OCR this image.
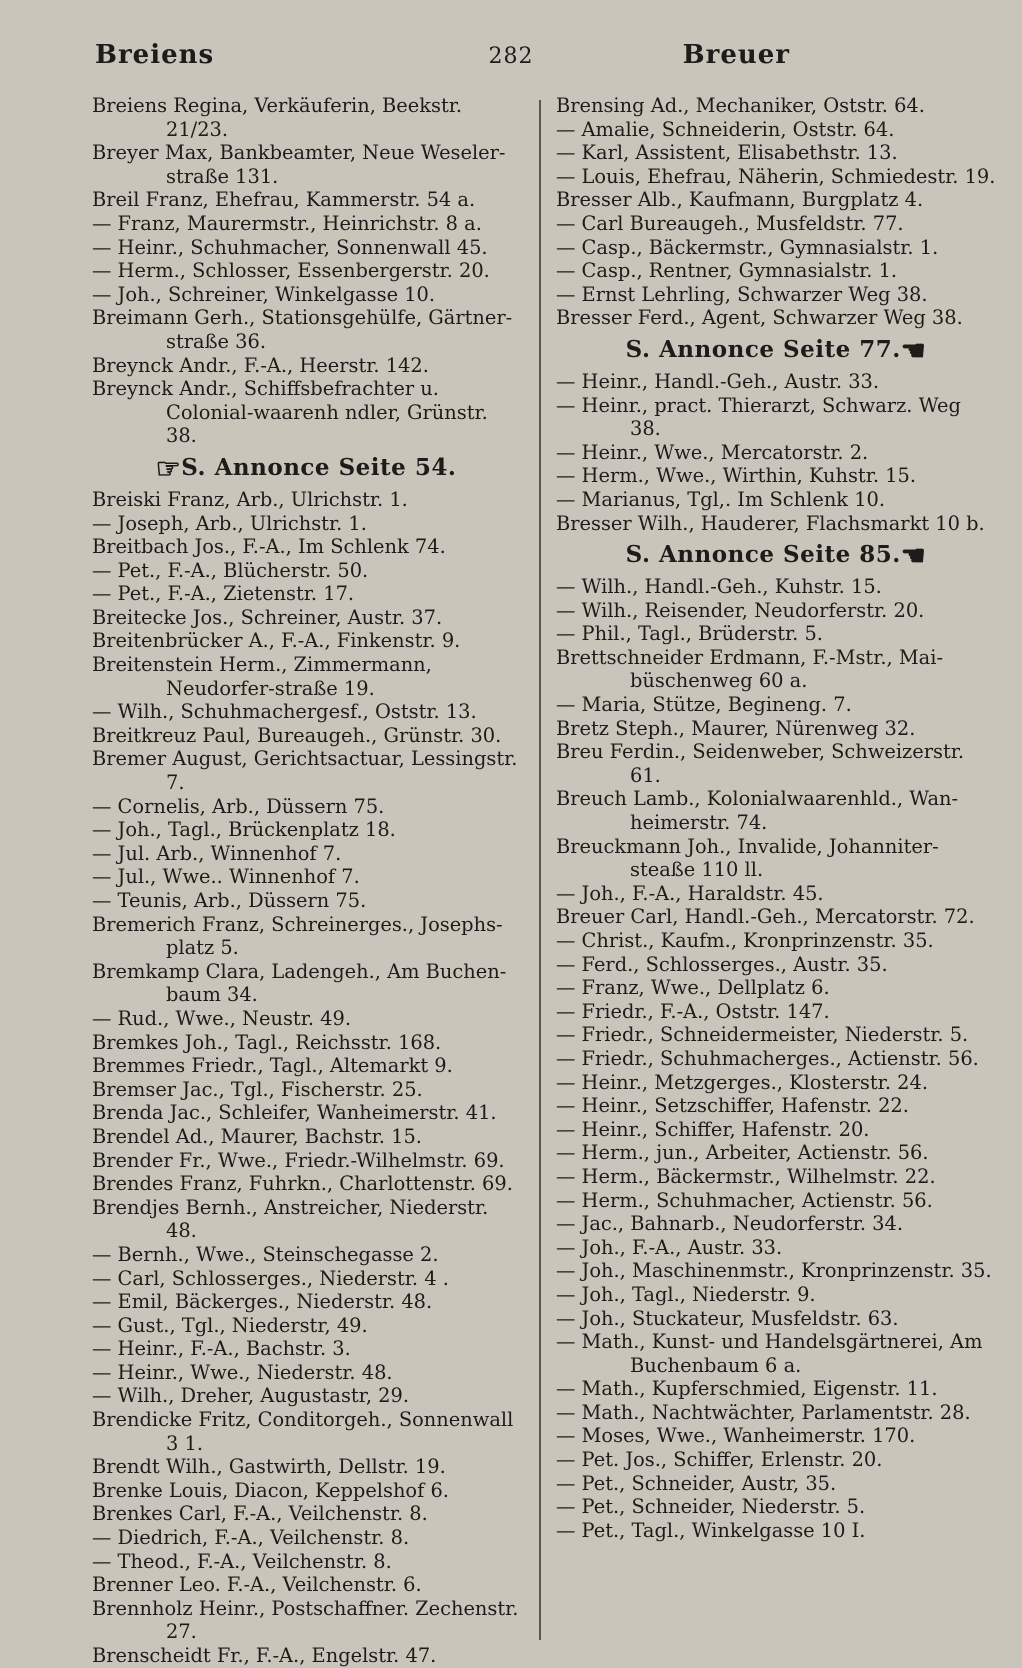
Breiens	282	Breuer
Breiens Regina, Verkäuferin, Beekstr. 21/23.
Breyer Max, Bankbeamter, Neue Weseler-straße 131.
Breil Franz, Ehefrau, Kammerstr. 54 a.
— Franz, Maurermstr., Heinrichstr. 8 a.
— Heinr., Schuhmacher, Sonnenwall 45.
— Herm., Schlosser, Essenbergerstr. 20.
— Joh., Schreiner, Winkelgasse 10.
Breimann Gerh., Stationsgehülfe, Gärtner-straße 36.
Breynck Andr., F.-A., Heerstr. 142.
Breynck Andr., Schiffsbefrachter u. Colonial-waarenh ndler, Grünstr. 38.
☞S. Annonce Seite 54.
Breiski Franz, Arb., Ulrichstr. 1.
— Joseph, Arb., Ulrichstr. 1.
Breitbach Jos., F.-A., Im Schlenk 74.
— Pet., F.-A., Blücherstr. 50.
— Pet., F.-A., Zietenstr. 17.
Breitecke Jos., Schreiner, Austr. 37.
Breitenbrücker A., F.-A., Finkenstr. 9.
Breitenstein Herm., Zimmermann, Neudorfer-straße 19.
— Wilh., Schuhmachergesf., Oststr. 13.
Breitkreuz Paul, Bureaugeh., Grünstr. 30.
Bremer August, Gerichtsactuar, Lessingstr. 7.
— Cornelis, Arb., Düssern 75.
— Joh., Tagl., Brückenplatz 18.
— Jul. Arb., Winnenhof 7.
— Jul., Wwe.. Winnenhof 7.
— Teunis, Arb., Düssern 75.
Bremerich Franz, Schreinerges., Josephs-platz 5.
Bremkamp Clara, Ladengeh., Am Buchen-baum 34.
— Rud., Wwe., Neustr. 49.
Bremkes Joh., Tagl., Reichsstr. 168.
Bremmes Friedr., Tagl., Altemarkt 9.
Bremser Jac., Tgl., Fischerstr. 25.
Brenda Jac., Schleifer, Wanheimerstr. 41.
Brendel Ad., Maurer, Bachstr. 15.
Brender Fr., Wwe., Friedr.-Wilhelmstr. 69.
Brendes Franz, Fuhrkn., Charlottenstr. 69.
Brendjes Bernh., Anstreicher, Niederstr. 48.
— Bernh., Wwe., Steinschegasse 2.
— Carl, Schlosserges., Niederstr. 4 .
— Emil, Bäckerges., Niederstr. 48.
— Gust., Tgl., Niederstr, 49.
— Heinr., F.-A., Bachstr. 3.
— Heinr., Wwe., Niederstr. 48.
— Wilh., Dreher, Augustastr, 29.
Brendicke Fritz, Conditorgeh., Sonnenwall 3 1.
Brendt Wilh., Gastwirth, Dellstr. 19.
Brenke Louis, Diacon, Keppelshof 6.
Brenkes Carl, F.-A., Veilchenstr. 8.
— Diedrich, F.-A., Veilchenstr. 8.
— Theod., F.-A., Veilchenstr. 8.
Brenner Leo. F.-A., Veilchenstr. 6.
Brennholz Heinr., Postschaffner. Zechenstr. 27.
Brenscheidt Fr., F.-A., Engelstr. 47.
Brensing Ad., Mechaniker, Oststr. 64.
— Amalie, Schneiderin, Oststr. 64.
— Karl, Assistent, Elisabethstr. 13.
— Louis, Ehefrau, Näherin, Schmiedestr. 19.
Bresser Alb., Kaufmann, Burgplatz 4.
— Carl Bureaugeh., Musfeldstr. 77.
— Casp., Bäckermstr., Gymnasialstr. 1.
— Casp., Rentner, Gymnasialstr. 1.
— Ernst Lehrling, Schwarzer Weg 38.
Bresser Ferd., Agent, Schwarzer Weg 38.
S. Annonce Seite 77.☚
— Heinr., Handl.-Geh., Austr. 33.
— Heinr., pract. Thierarzt, Schwarz. Weg 38.
— Heinr., Wwe., Mercatorstr. 2.
— Herm., Wwe., Wirthin, Kuhstr. 15.
— Marianus, Tgl,. Im Schlenk 10.
Bresser Wilh., Hauderer, Flachsmarkt 10 b.
S. Annonce Seite 85.☚
— Wilh., Handl.-Geh., Kuhstr. 15.
— Wilh., Reisender, Neudorferstr. 20.
— Phil., Tagl., Brüderstr. 5.
Brettschneider Erdmann, F.-Mstr., Mai-büschenweg 60 a.
— Maria, Stütze, Begineng. 7.
Bretz Steph., Maurer, Nürenweg 32.
Breu Ferdin., Seidenweber, Schweizerstr. 61.
Breuch Lamb., Kolonialwaarenhld., Wan-heimerstr. 74.
Breuckmann Joh., Invalide, Johanniter-steaße 110 ll.
— Joh., F.-A., Haraldstr. 45.
Breuer Carl, Handl.-Geh., Mercatorstr. 72.
— Christ., Kaufm., Kronprinzenstr. 35.
— Ferd., Schlosserges., Austr. 35.
— Franz, Wwe., Dellplatz 6.
— Friedr., F.-A., Oststr. 147.
— Friedr., Schneidermeister, Niederstr. 5.
— Friedr., Schuhmacherges., Actienstr. 56.
— Heinr., Metzgerges., Klosterstr. 24.
— Heinr., Setzschiffer, Hafenstr. 22.
— Heinr., Schiffer, Hafenstr. 20.
— Herm., jun., Arbeiter, Actienstr. 56.
— Herm., Bäckermstr., Wilhelmstr. 22.
— Herm., Schuhmacher, Actienstr. 56.
— Jac., Bahnarb., Neudorferstr. 34.
— Joh., F.-A., Austr. 33.
— Joh., Maschinenmstr., Kronprinzenstr. 35.
— Joh., Tagl., Niederstr. 9.
— Joh., Stuckateur, Musfeldstr. 63.
— Math., Kunst- und Handelsgärtnerei, Am Buchenbaum 6 a.
— Math., Kupferschmied, Eigenstr. 11.
— Math., Nachtwächter, Parlamentstr. 28.
— Moses, Wwe., Wanheimerstr. 170.
— Pet. Jos., Schiffer, Erlenstr. 20.
— Pet., Schneider, Austr, 35.
— Pet., Schneider, Niederstr. 5.
— Pet., Tagl., Winkelgasse 10 I.
